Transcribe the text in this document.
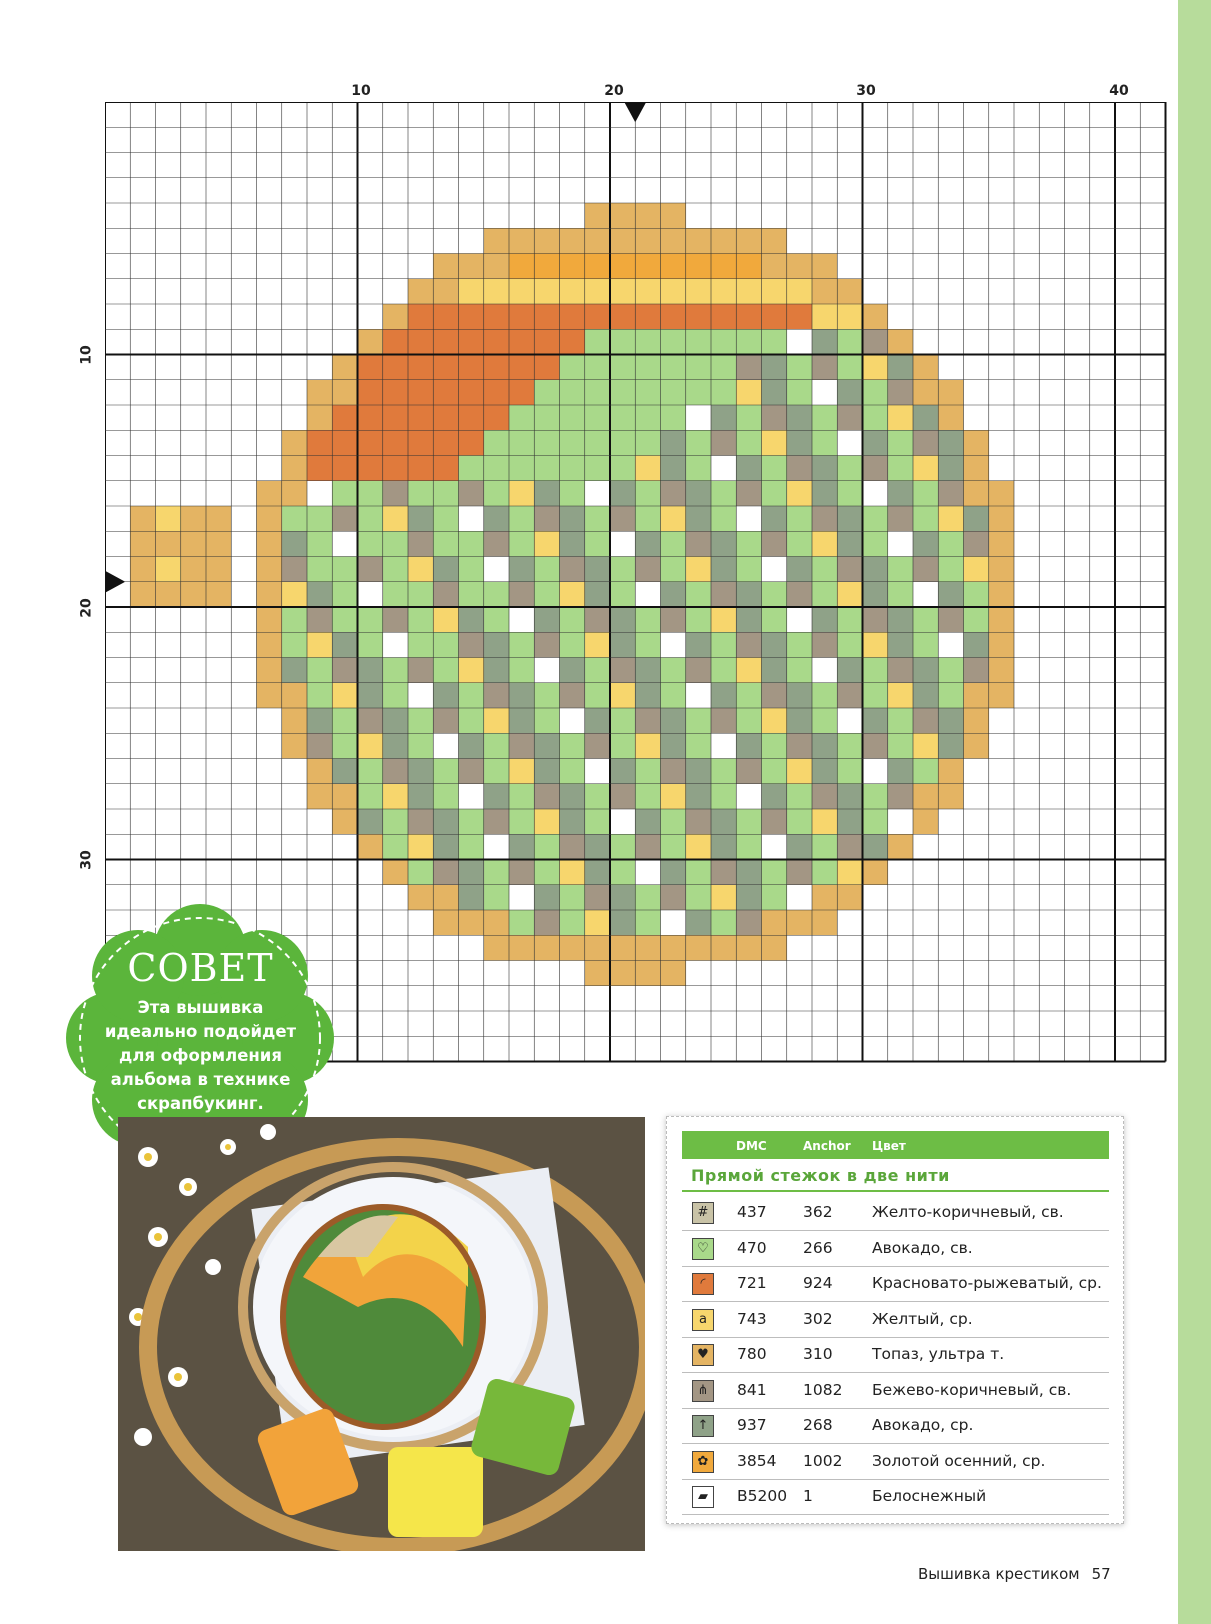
10	20	30	40
10
20
30
СОВЕТ
Эта вышивка идеально подойдет для оформления альбома в технике скрапбукинг.
DMC	Anchor Цвет
Прямой стежок в две нити
# 437 362	Желто-коричневый, св.
♡ 470 266	Авокадо, св.
◜	721 924	Красновато-рыжеватый, ср.
a	743 302	Желтый, ср.
♥ 780 310	Топаз, ультра т.
⋔ 841 1082 Бежево-коричневый, св.
↑ 937 268	Авокадо, ср.
✿ 3854 1002 Золотой осенний, ср.
▰	B5200 1	Белоснежный
Вышивка крестиком 57
